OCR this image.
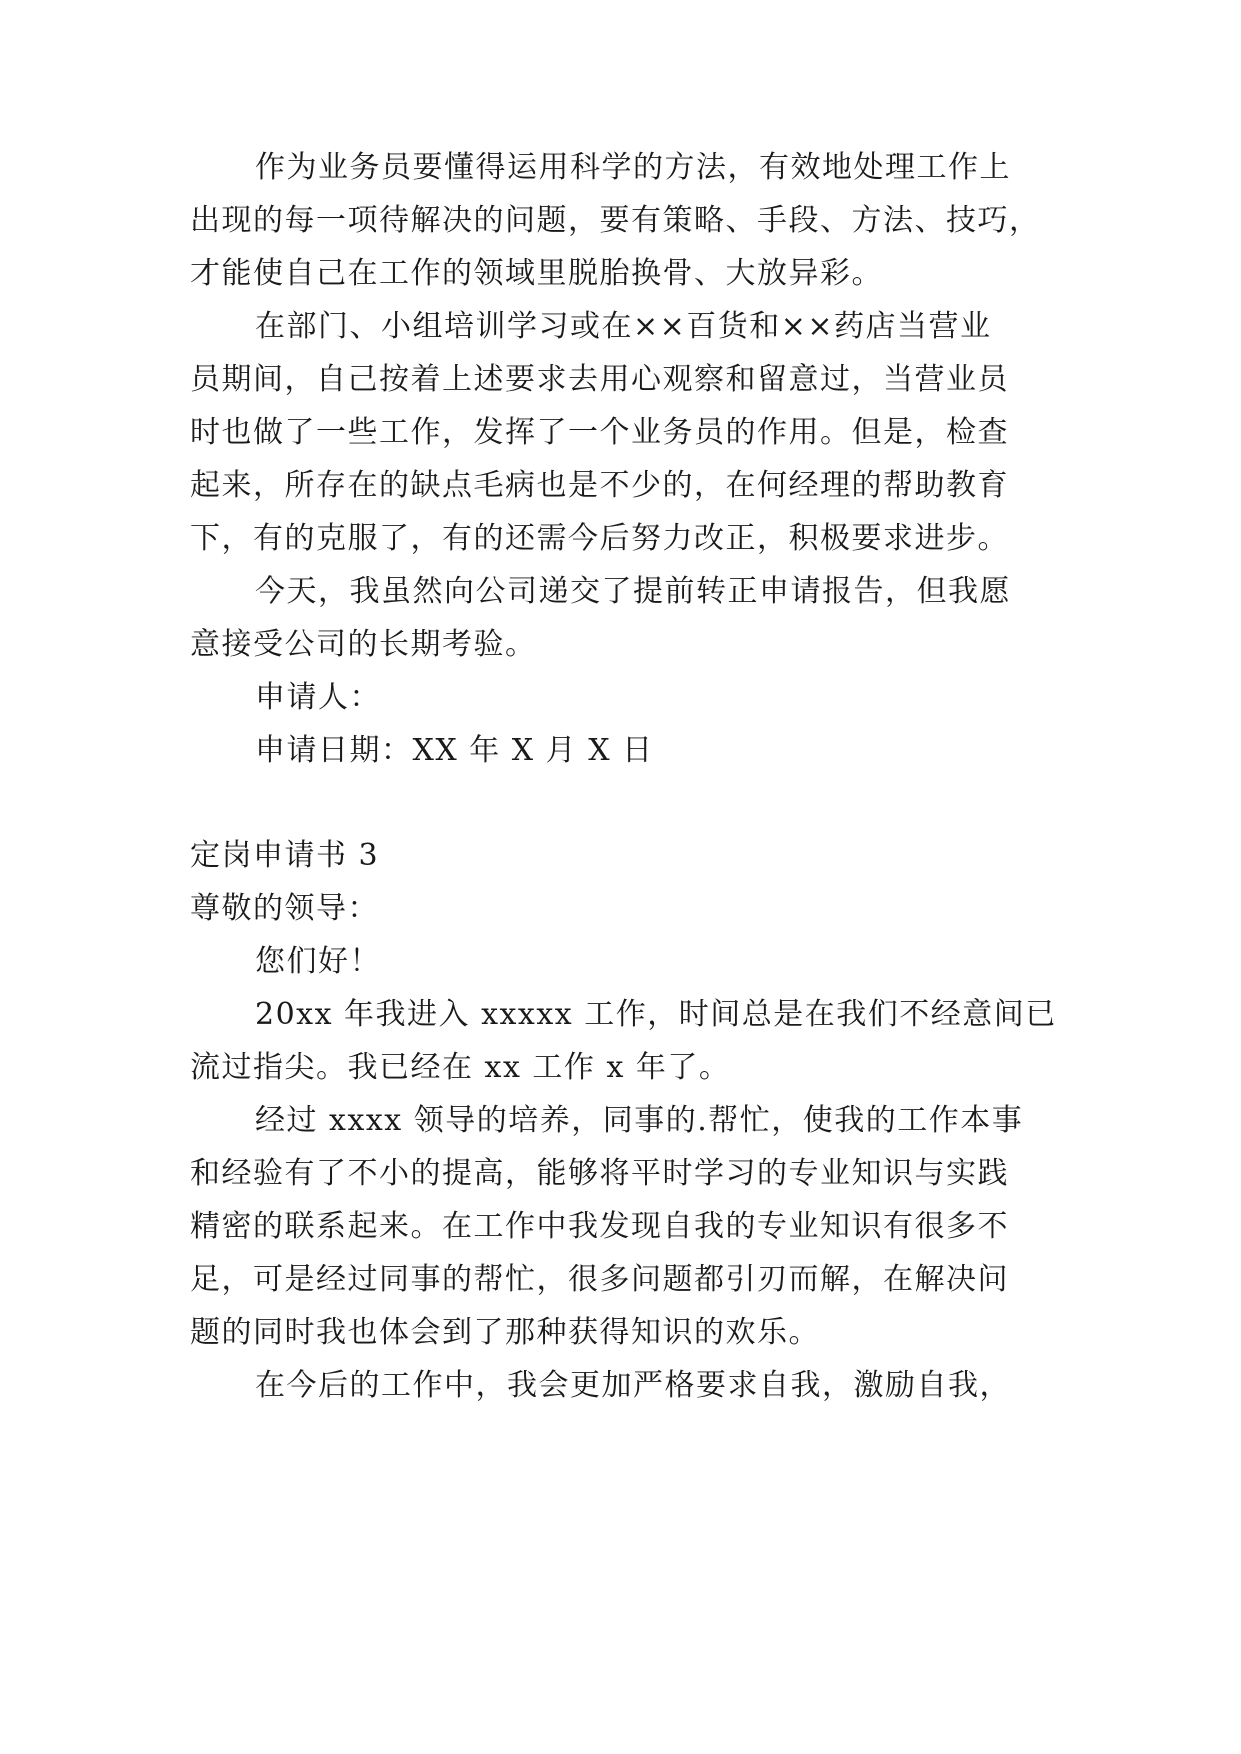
作为业务员要懂得运用科学的方法，有效地处理工作上
出现的每一项待解决的问题，要有策略、手段、方法、技巧，
才能使自己在工作的领域里脱胎换骨、大放异彩。
在部门、小组培训学习或在××百货和××药店当营业
员期间，自己按着上述要求去用心观察和留意过，当营业员
时也做了一些工作，发挥了一个业务员的作用。但是，检查
起来，所存在的缺点毛病也是不少的，在何经理的帮助教育
下，有的克服了，有的还需今后努力改正，积极要求进步。
今天，我虽然向公司递交了提前转正申请报告，但我愿
意接受公司的长期考验。
申请人：
申请日期：XX 年 X 月 X 日
定岗申请书 3
尊敬的领导：
您们好！
20xx 年我进入 xxxxx 工作，时间总是在我们不经意间已
流过指尖。我已经在 xx 工作 x 年了。
经过 xxxx 领导的培养，同事的.帮忙，使我的工作本事
和经验有了不小的提高，能够将平时学习的专业知识与实践
精密的联系起来。在工作中我发现自我的专业知识有很多不
足，可是经过同事的帮忙，很多问题都引刃而解，在解决问
题的同时我也体会到了那种获得知识的欢乐。
在今后的工作中，我会更加严格要求自我，激励自我，
